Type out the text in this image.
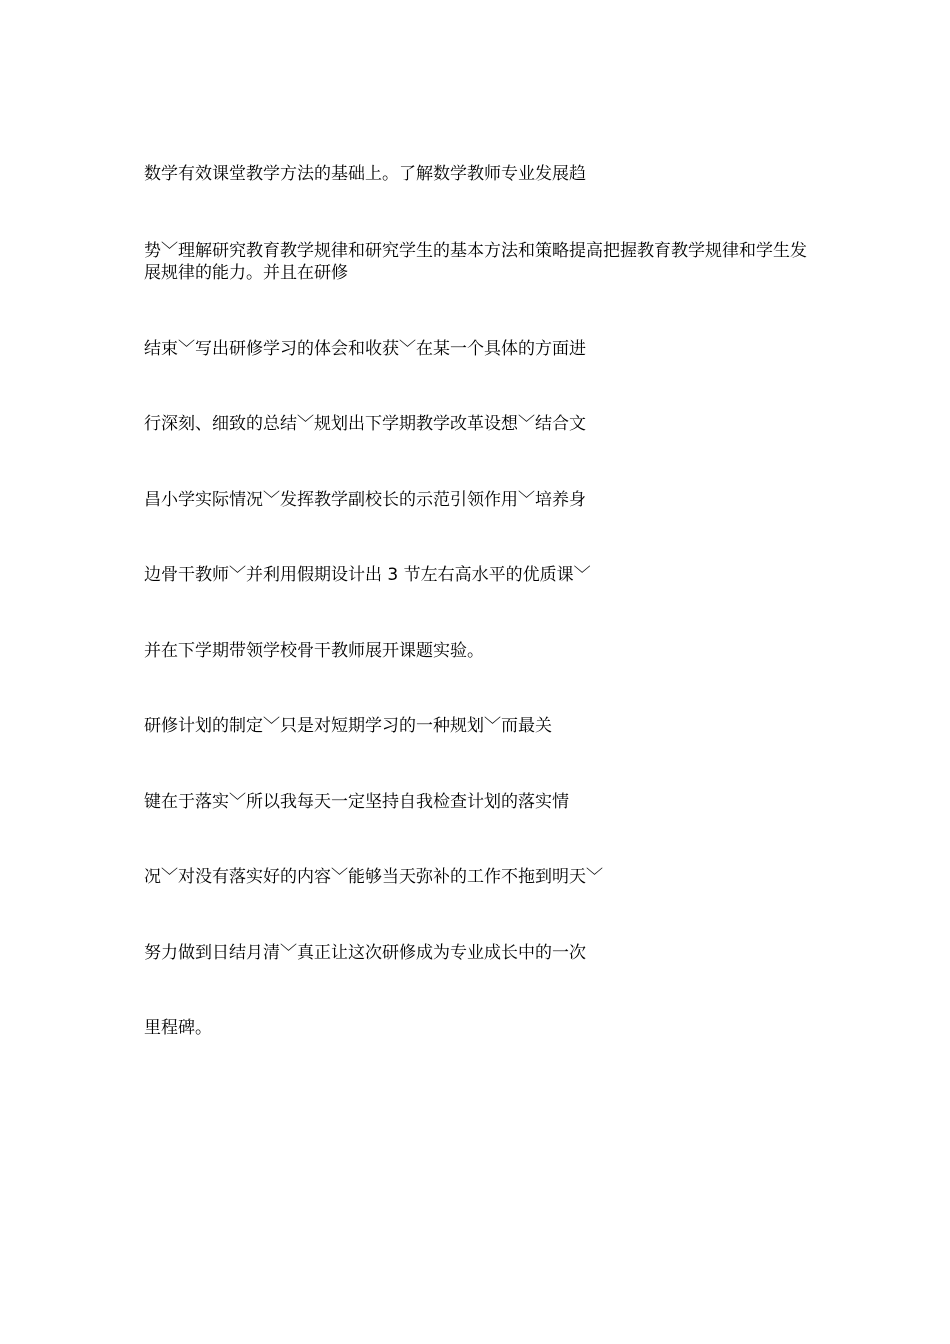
数学有效课堂教学方法的基础上。了解数学教师专业发展趋
势﹀理解研究教育教学规律和研究学生的基本方法和策略提高把握教育教学规律和学生发展规律的能力。并且在研修
结束﹀写出研修学习的体会和收获﹀在某一个具体的方面进
行深刻、细致的总结﹀规划出下学期教学改革设想﹀结合文
昌小学实际情况﹀发挥教学副校长的示范引领作用﹀培养身
边骨干教师﹀并利用假期设计出 3 节左右高水平的优质课﹀
并在下学期带领学校骨干教师展开课题实验。
研修计划的制定﹀只是对短期学习的一种规划﹀而最关
键在于落实﹀所以我每天一定坚持自我检查计划的落实情
况﹀对没有落实好的内容﹀能够当天弥补的工作不拖到明天﹀
努力做到日结月清﹀真正让这次研修成为专业成长中的一次
里程碑。
